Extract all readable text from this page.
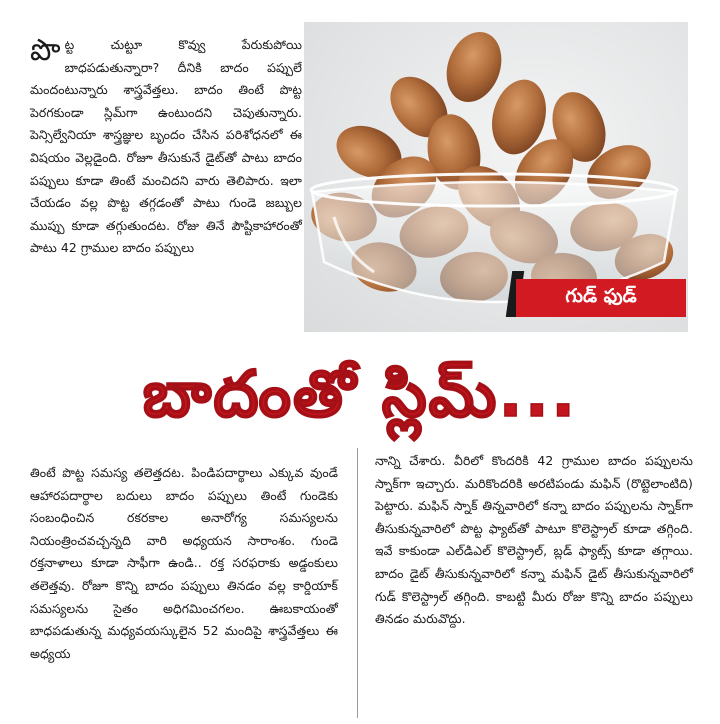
పొ ట్ట చుట్టూ కొవ్వు పేరుకుపోయి బాధపడుతున్నారా? దీనికి బాదం పప్పులే మందంటున్నారు శాస్త్రవేత్తలు. బాదం తింటే పొట్ట పెరగకుండా స్లిమ్‌గా ఉంటుందని చెపుతున్నారు. పెన్సిల్వేనియా శాస్త్రజ్ఞుల బృందం చేసిన పరిశోధనలో ఈ విషయం వెల్లడైంది. రోజూ తీసుకునే డైట్‌తో పాటు బాదం పప్పులు కూడా తింటే మంచిదని వారు తెలిపారు. ఇలా చేయడం వల్ల పొట్ట తగ్గడంతో పాటు గుండె జబ్బుల ముప్పు కూడా తగ్గుతుందట. రోజు తినే పౌష్టికాహారంతో పాటు 42 గ్రాముల బాదం పప్పులు

గుడ్ ఫుడ్
బాదంతో స్లిమ్...

తింటే పొట్ట సమస్య తలెత్తదట. పిండిపదార్థాలు ఎక్కువ వుండే ఆహారపదార్థాల బదులు బాదం పప్పులు తింటే గుండెకు సంబంధించిన రకరకాల అనారోగ్య సమస్యలను నియంత్రించవచ్చన్నది వారి అధ్యయన సారాంశం. గుండె రక్తనాళాలు కూడా సాఫీగా ఉండి.. రక్త సరఫరాకు అడ్డంకులు తలెత్తవు. రోజూ కొన్ని బాదం పప్పులు తినడం వల్ల కార్డియాక్ సమస్యలను సైతం అధిగమించగలం. ఊబకాయంతో బాధపడుతున్న మధ్యవయస్కులైన 52 మందిపై శాస్త్రవేత్తలు ఈ అధ్యయ

నాన్ని చేశారు. వీరిలో కొందరికి 42 గ్రాముల బాదం పప్పులను స్నాక్‌గా ఇచ్చారు. మరికొందరికి అరటిపండు మఫిన్ (రొట్టెలాంటిది) పెట్టారు. మఫిన్ స్నాక్ తిన్నవారిలో కన్నా బాదం పప్పులను స్నాక్‌గా తీసుకున్నవారిలో పొట్ట ఫ్యాట్‌తో పాటూ కొలెస్ట్రాల్ కూడా తగ్గింది. ఇవే కాకుండా ఎల్‌డిఎల్ కొలెస్ట్రాల్, బ్లడ్ ఫ్యాట్స్ కూడా తగ్గాయి. బాదం డైట్ తీసుకున్నవారిలో కన్నా మఫిన్ డైట్ తీసుకున్నవారిలో గుడ్ కొలెస్ట్రాల్ తగ్గింది. కాబట్టి మీరు రోజు కొన్ని బాదం పప్పులు తినడం మరువొద్దు.
